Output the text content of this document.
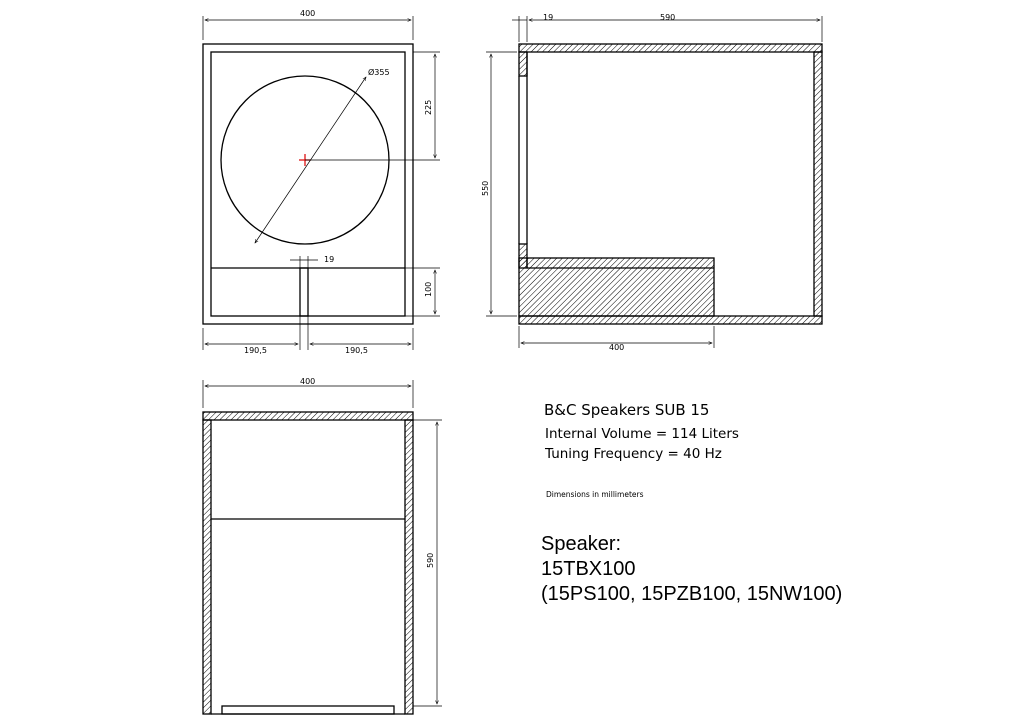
Ø355
400
225
100
19
190,5	190,5
19	590
550
400
400
590
B&C Speakers SUB 15
Internal Volume = 114 Liters
Tuning Frequency = 40 Hz
Dimensions in millimeters
Speaker:
15TBX100
(15PS100, 15PZB100, 15NW100)
